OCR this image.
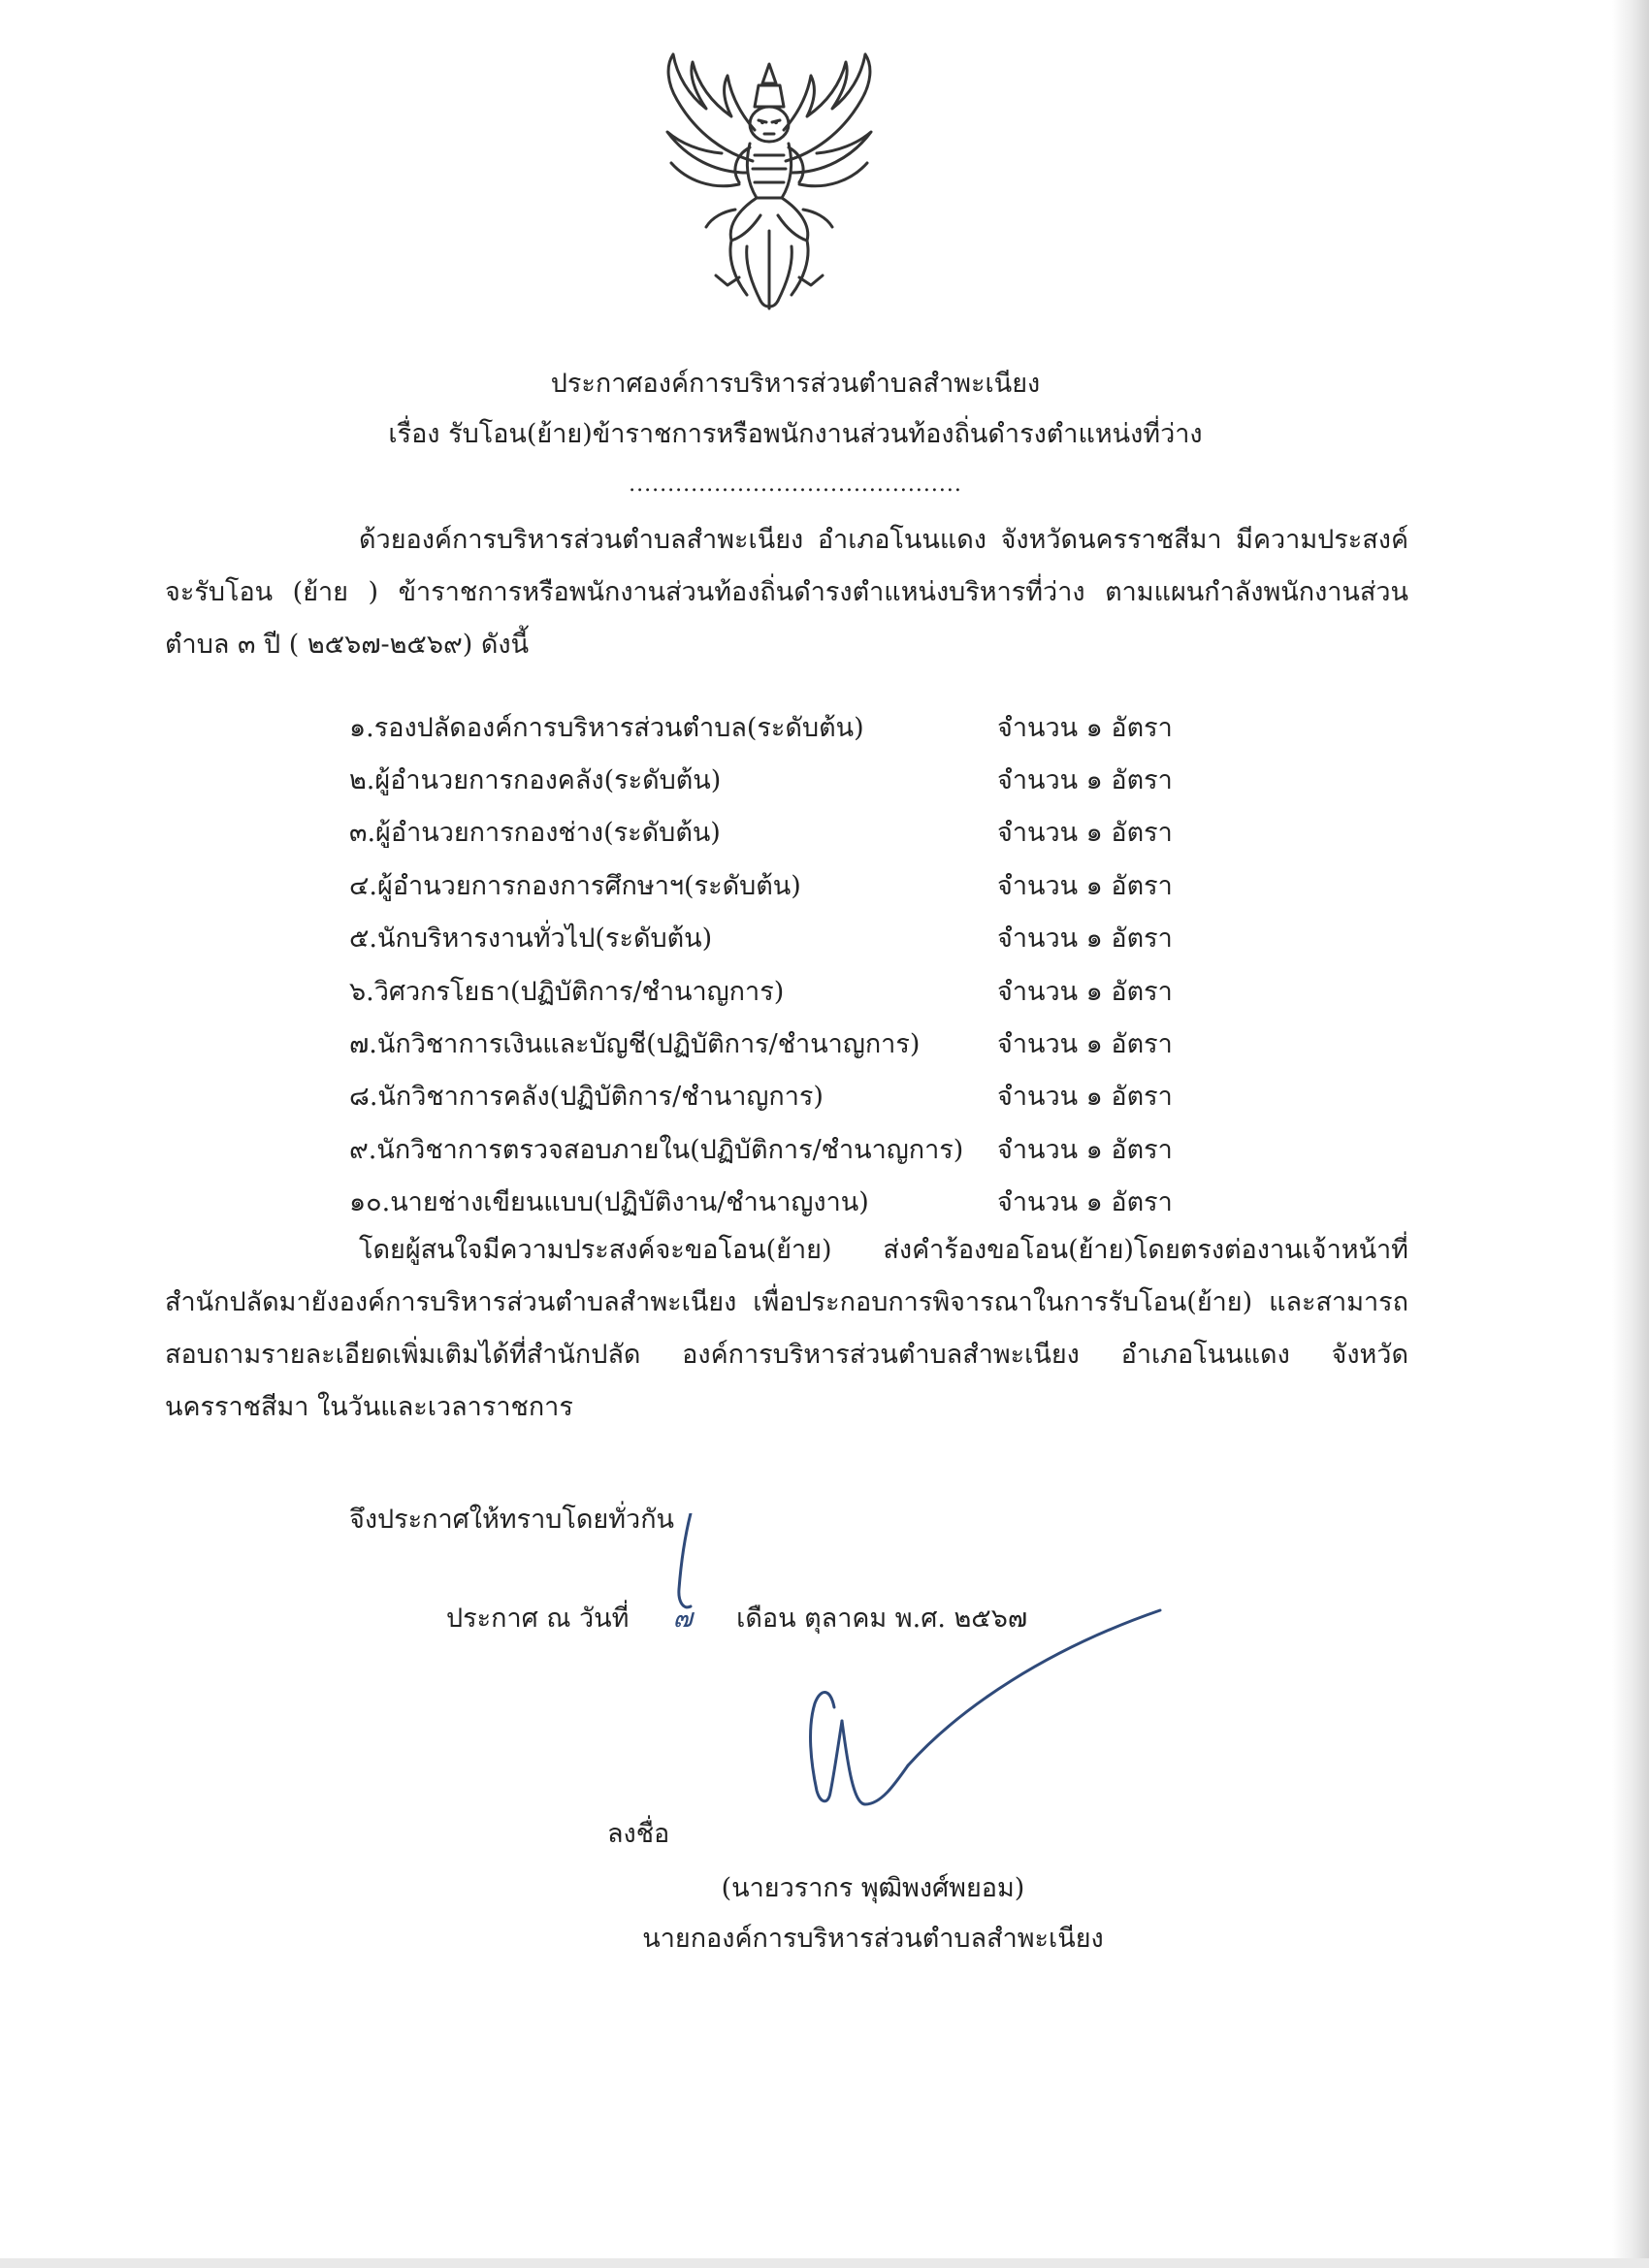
ประกาศองค์การบริหารส่วนตำบลสำพะเนียง
เรื่อง รับโอน(ย้าย)ข้าราชการหรือพนักงานส่วนท้องถิ่นดำรงตำแหน่งที่ว่าง
...........................................
ด้วยองค์การบริหารส่วนตำบลสำพะเนียง อำเภอโนนแดง จังหวัดนครราชสีมา มีความประสงค์จะรับโอน (ย้าย ) ข้าราชการหรือพนักงานส่วนท้องถิ่นดำรงตำแหน่งบริหารที่ว่าง ตามแผนกำลังพนักงานส่วนตำบล ๓ ปี ( ๒๕๖๗-๒๕๖๙) ดังนี้
๑.รองปลัดองค์การบริหารส่วนตำบล(ระดับต้น)	จำนวน ๑ อัตรา
๒.ผู้อำนวยการกองคลัง(ระดับต้น)	จำนวน ๑ อัตรา
๓.ผู้อำนวยการกองช่าง(ระดับต้น)	จำนวน ๑ อัตรา
๔.ผู้อำนวยการกองการศึกษาฯ(ระดับต้น)	จำนวน ๑ อัตรา
๕.นักบริหารงานทั่วไป(ระดับต้น)	จำนวน ๑ อัตรา
๖.วิศวกรโยธา(ปฏิบัติการ/ชำนาญการ)	จำนวน ๑ อัตรา
๗.นักวิชาการเงินและบัญชี(ปฏิบัติการ/ชำนาญการ)	จำนวน ๑ อัตรา
๘.นักวิชาการคลัง(ปฏิบัติการ/ชำนาญการ)	จำนวน ๑ อัตรา
๙.นักวิชาการตรวจสอบภายใน(ปฏิบัติการ/ชำนาญการ)	จำนวน ๑ อัตรา
๑๐.นายช่างเขียนแบบ(ปฏิบัติงาน/ชำนาญงาน)	จำนวน ๑ อัตรา
โดยผู้สนใจมีความประสงค์จะขอโอน(ย้าย) ส่งคำร้องขอโอน(ย้าย)โดยตรงต่องานเจ้าหน้าที่สำนักปลัดมายังองค์การบริหารส่วนตำบลสำพะเนียง เพื่อประกอบการพิจารณาในการรับโอน(ย้าย) และสามารถสอบถามรายละเอียดเพิ่มเติมได้ที่สำนักปลัด องค์การบริหารส่วนตำบลสำพะเนียง อำเภอโนนแดง จังหวัดนครราชสีมา ในวันและเวลาราชการ
จึงประกาศให้ทราบโดยทั่วกัน
ประกาศ ณ วันที่ ๗ เดือน ตุลาคม พ.ศ. ๒๕๖๗
ลงชื่อ
(นายวรากร พุฒิพงศ์พยอม)
นายกองค์การบริหารส่วนตำบลสำพะเนียง
